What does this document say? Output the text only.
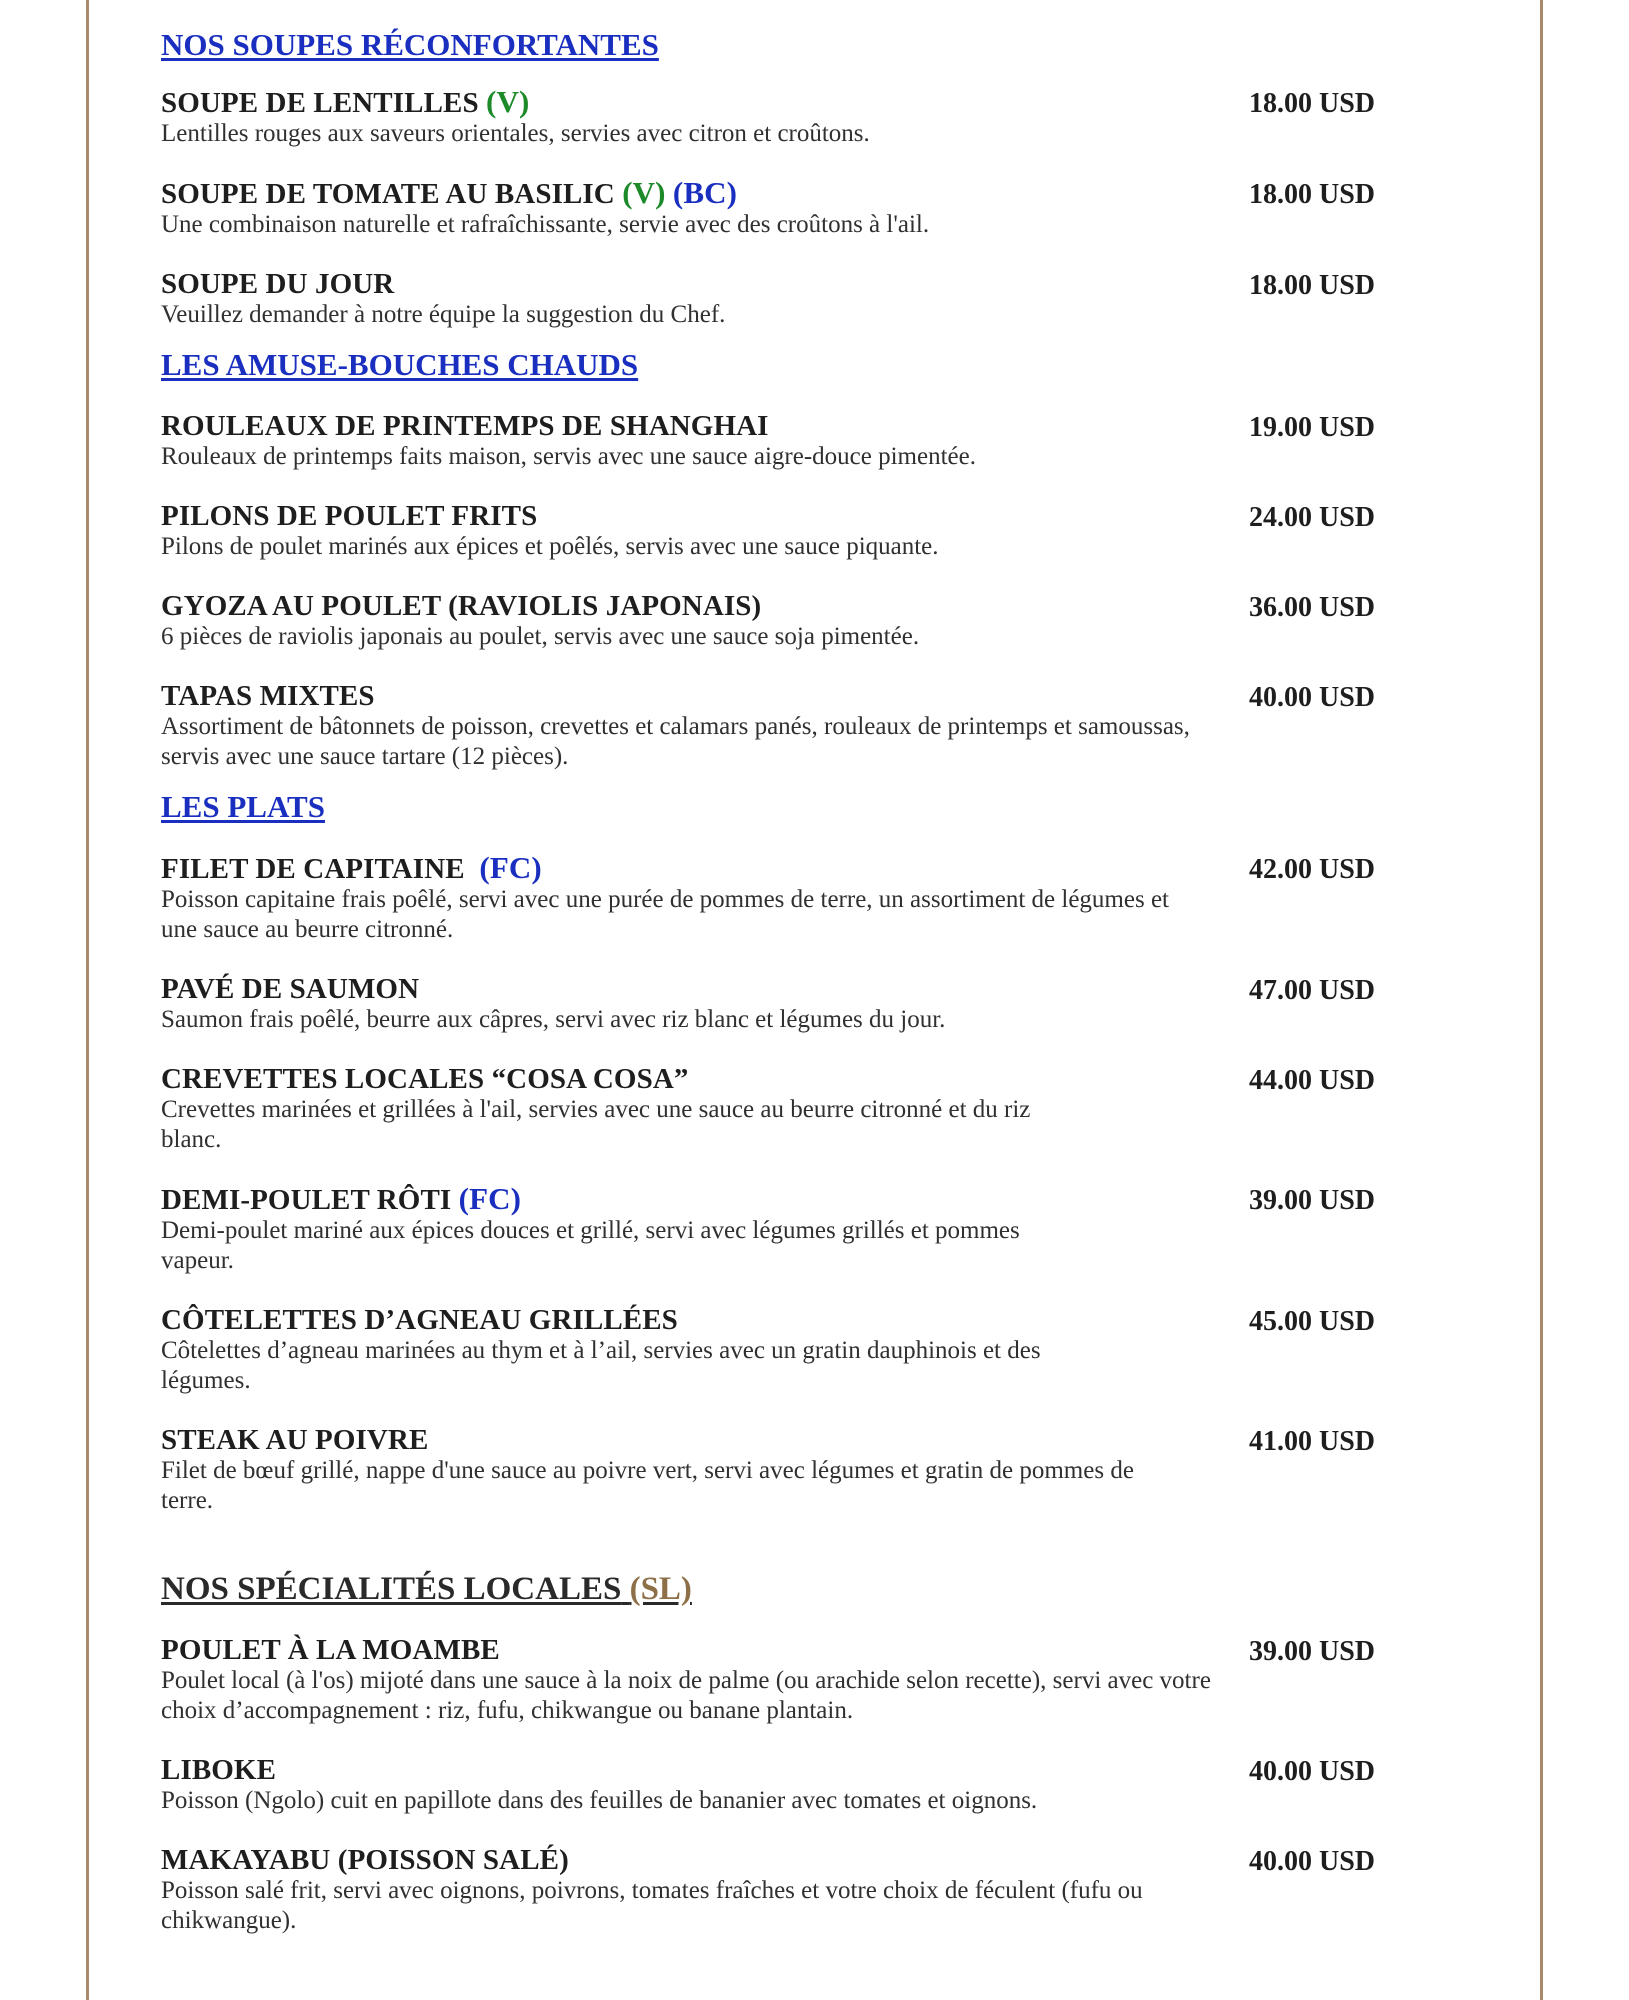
NOS SOUPES RÉCONFORTANTES
SOUPE DE LENTILLES (V)
Lentilles rouges aux saveurs orientales, servies avec citron et croûtons.
18.00 USD
SOUPE DE TOMATE AU BASILIC (V) (BC)
Une combinaison naturelle et rafraîchissante, servie avec des croûtons à l'ail.
18.00 USD
SOUPE DU JOUR
Veuillez demander à notre équipe la suggestion du Chef.
18.00 USD
LES AMUSE-BOUCHES CHAUDS
ROULEAUX DE PRINTEMPS DE SHANGHAI
Rouleaux de printemps faits maison, servis avec une sauce aigre-douce pimentée.
19.00 USD
PILONS DE POULET FRITS
Pilons de poulet marinés aux épices et poêlés, servis avec une sauce piquante.
24.00 USD
GYOZA AU POULET (RAVIOLIS JAPONAIS)
6 pièces de raviolis japonais au poulet, servis avec une sauce soja pimentée.
36.00 USD
TAPAS MIXTES
Assortiment de bâtonnets de poisson, crevettes et calamars panés, rouleaux de printemps et samoussas, servis avec une sauce tartare (12 pièces).
40.00 USD
LES PLATS
FILET DE CAPITAINE (FC)
Poisson capitaine frais poêlé, servi avec une purée de pommes de terre, un assortiment de légumes et une sauce au beurre citronné.
42.00 USD
PAVÉ DE SAUMON
Saumon frais poêlé, beurre aux câpres, servi avec riz blanc et légumes du jour.
47.00 USD
CREVETTES LOCALES “COSA COSA”
Crevettes marinées et grillées à l'ail, servies avec une sauce au beurre citronné et du riz blanc.
44.00 USD
DEMI-POULET RÔTI (FC)
Demi-poulet mariné aux épices douces et grillé, servi avec légumes grillés et pommes vapeur.
39.00 USD
CÔTELETTES D’AGNEAU GRILLÉES
Côtelettes d’agneau marinées au thym et à l’ail, servies avec un gratin dauphinois et des légumes.
45.00 USD
STEAK AU POIVRE
Filet de bœuf grillé, nappe d'une sauce au poivre vert, servi avec légumes et gratin de pommes de terre.
41.00 USD
NOS SPÉCIALITÉS LOCALES (SL)
POULET À LA MOAMBE
Poulet local (à l'os) mijoté dans une sauce à la noix de palme (ou arachide selon recette), servi avec votre choix d’accompagnement : riz, fufu, chikwangue ou banane plantain.
39.00 USD
LIBOKE
Poisson (Ngolo) cuit en papillote dans des feuilles de bananier avec tomates et oignons.
40.00 USD
MAKAYABU (POISSON SALÉ)
Poisson salé frit, servi avec oignons, poivrons, tomates fraîches et votre choix de féculent (fufu ou chikwangue).
40.00 USD
